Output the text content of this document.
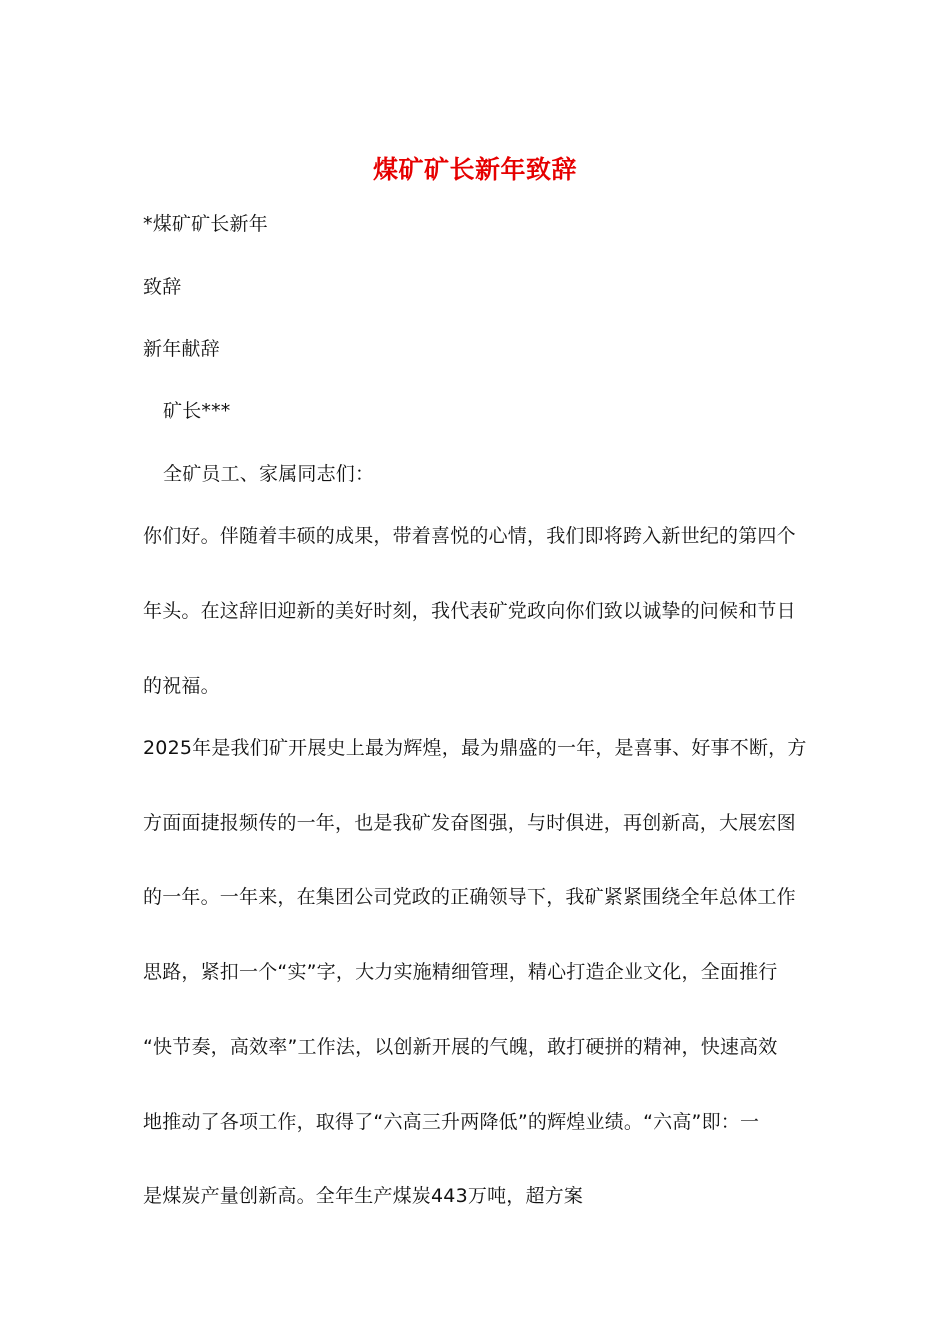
煤矿矿长新年致辞
*煤矿矿长新年
致辞
新年献辞
矿长***
全矿员工、家属同志们：
你们好。伴随着丰硕的成果，带着喜悦的心情，我们即将跨入新世纪的第四个
年头。在这辞旧迎新的美好时刻，我代表矿党政向你们致以诚挚的问候和节日
的祝福。
2025年是我们矿开展史上最为辉煌，最为鼎盛的一年，是喜事、好事不断，方
方面面捷报频传的一年，也是我矿发奋图强，与时俱进，再创新高，大展宏图
的一年。一年来，在集团公司党政的正确领导下，我矿紧紧围绕全年总体工作
思路，紧扣一个“实”字，大力实施精细管理，精心打造企业文化，全面推行
“快节奏，高效率”工作法，以创新开展的气魄，敢打硬拼的精神，快速高效
地推动了各项工作，取得了“六高三升两降低”的辉煌业绩。“六高”即：一
是煤炭产量创新高。全年生产煤炭443万吨，超方案
